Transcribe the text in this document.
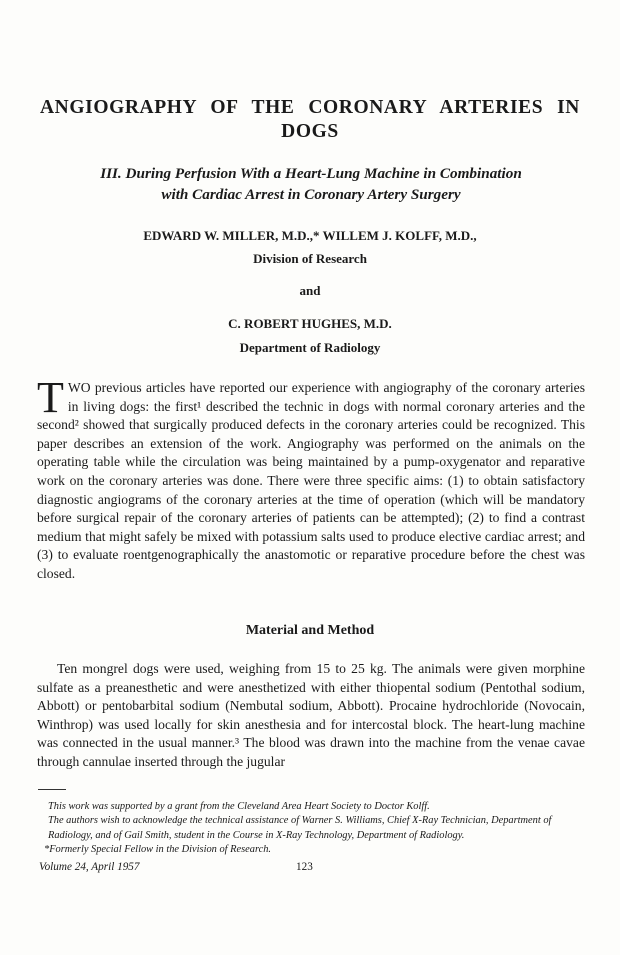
ANGIOGRAPHY OF THE CORONARY ARTERIES IN
DOGS
III. During Perfusion With a Heart-Lung Machine in Combination
with Cardiac Arrest in Coronary Artery Surgery

EDWARD W. MILLER, M.D.,* WILLEM J. KOLFF, M.D.,

Division of Research

and

C. ROBERT HUGHES, M.D.

Department of Radiology

TWO previous articles have reported our experience with angiography of the coronary arteries in living dogs: the first¹ described the technic in dogs with normal coronary arteries and the second² showed that surgically produced defects in the coronary arteries could be recognized. This paper describes an extension of the work. Angiography was performed on the animals on the operating table while the circulation was being maintained by a pump-oxygenator and reparative work on the coronary arteries was done. There were three specific aims: (1) to obtain satisfactory diagnostic angiograms of the coronary arteries at the time of operation (which will be mandatory before surgical repair of the coronary arteries of patients can be attempted); (2) to find a contrast medium that might safely be mixed with potassium salts used to produce elective cardiac arrest; and (3) to evaluate roentgenographically the anastomotic or reparative procedure before the chest was closed.

Material and Method

Ten mongrel dogs were used, weighing from 15 to 25 kg. The animals were given morphine sulfate as a preanesthetic and were anesthetized with either thiopental sodium (Pentothal sodium, Abbott) or pentobarbital sodium (Nembutal sodium, Abbott). Procaine hydrochloride (Novocain, Winthrop) was used locally for skin anesthesia and for intercostal block. The heart-lung machine was connected in the usual manner.³ The blood was drawn into the machine from the venae cavae through cannulae inserted through the jugular

This work was supported by a grant from the Cleveland Area Heart Society to Doctor Kolff.

The authors wish to acknowledge the technical assistance of Warner S. Williams, Chief X-Ray Technician, Department of Radiology, and of Gail Smith, student in the Course in X-Ray Technology, Department of Radiology.

*Formerly Special Fellow in the Division of Research.

Volume 24, April 1957	123
